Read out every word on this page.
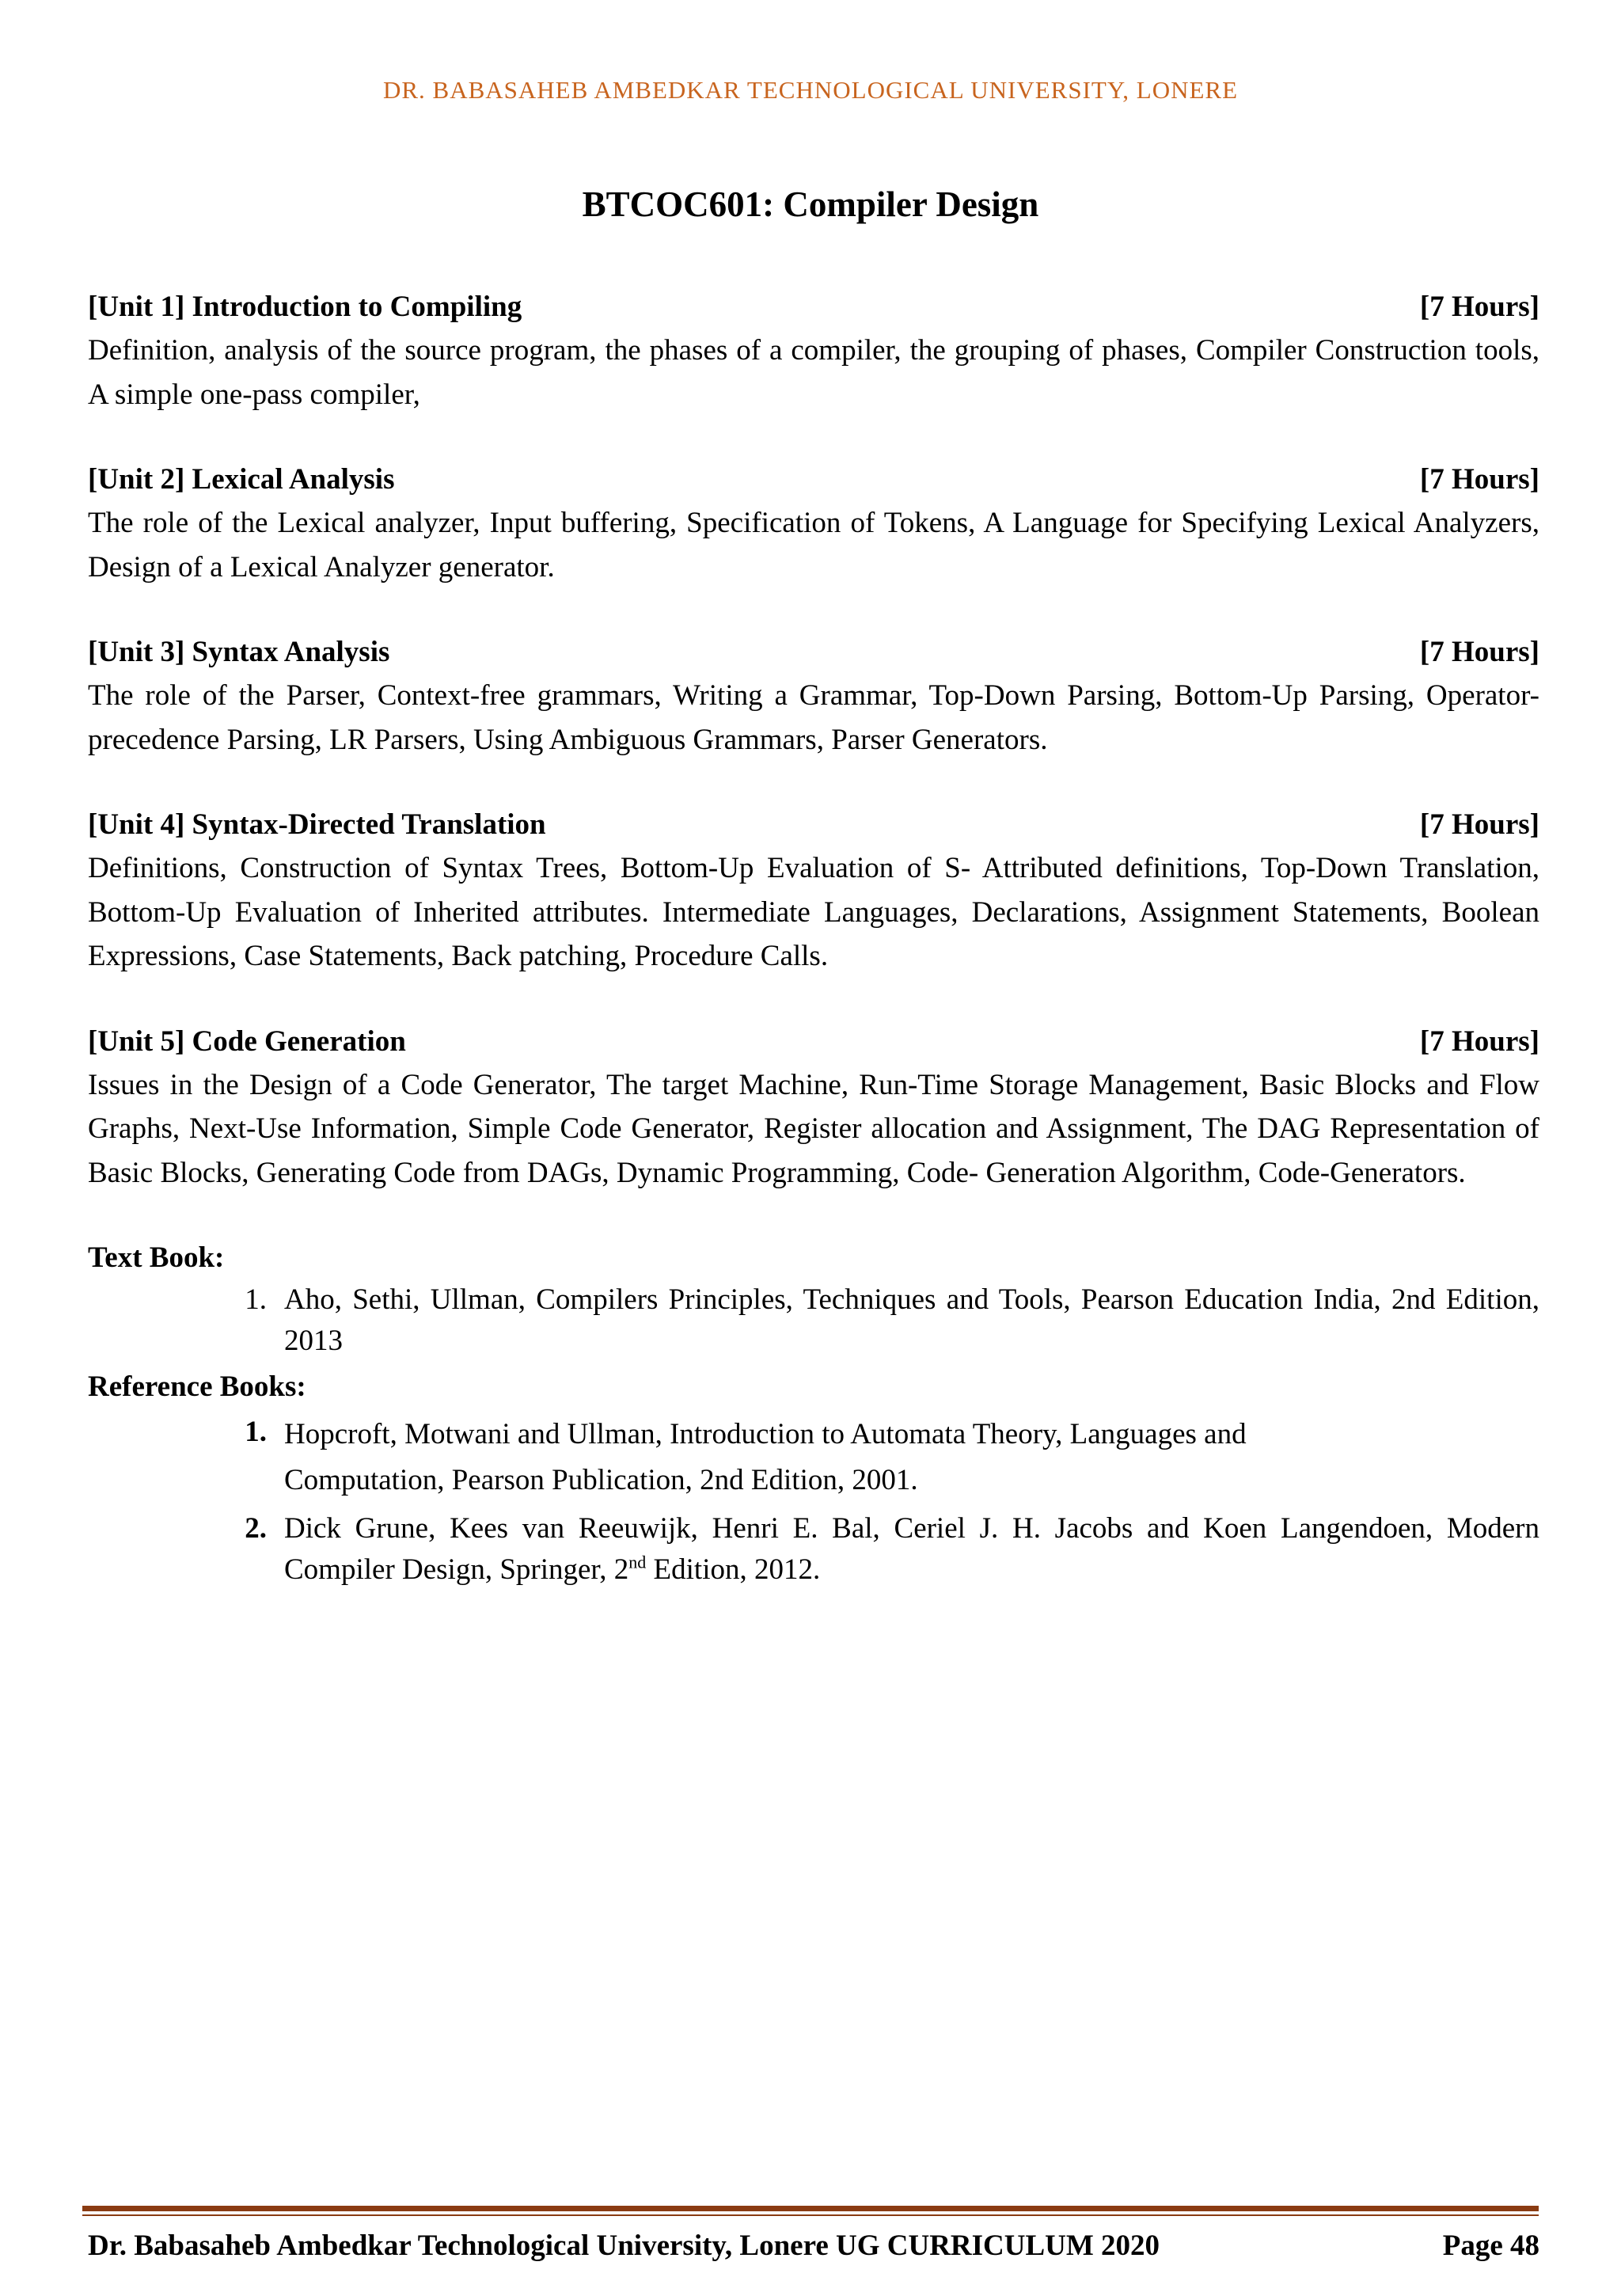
DR. BABASAHEB AMBEDKAR TECHNOLOGICAL UNIVERSITY, LONERE
BTCOC601: Compiler Design
[Unit 1] Introduction to Compiling	[7 Hours]

Definition, analysis of the source program, the phases of a compiler, the grouping of phases, Compiler Construction tools, A simple one-pass compiler,

[Unit 2] Lexical Analysis	[7 Hours]

The role of the Lexical analyzer, Input buffering, Specification of Tokens, A Language for Specifying Lexical Analyzers, Design of a Lexical Analyzer generator.

[Unit 3] Syntax Analysis	[7 Hours]

The role of the Parser, Context-free grammars, Writing a Grammar, Top-Down Parsing, Bottom-Up Parsing, Operator-precedence Parsing, LR Parsers, Using Ambiguous Grammars, Parser Generators.

[Unit 4] Syntax-Directed Translation	[7 Hours]

Definitions, Construction of Syntax Trees, Bottom-Up Evaluation of S- Attributed definitions, Top-Down Translation, Bottom-Up Evaluation of Inherited attributes. Intermediate Languages, Declarations, Assignment Statements, Boolean Expressions, Case Statements, Back patching, Procedure Calls.

[Unit 5] Code Generation	[7 Hours]

Issues in the Design of a Code Generator, The target Machine, Run-Time Storage Management, Basic Blocks and Flow Graphs, Next-Use Information, Simple Code Generator, Register allocation and Assignment, The DAG Representation of Basic Blocks, Generating Code from DAGs, Dynamic Programming, Code- Generation Algorithm, Code-Generators.

Text Book:

1. Aho, Sethi, Ullman, Compilers Principles, Techniques and Tools, Pearson Education India, 2nd Edition, 2013

Reference Books:

1. Hopcroft, Motwani and Ullman, Introduction to Automata Theory, Languages and
Computation, Pearson Publication, 2nd Edition, 2001.
2. Dick Grune, Kees van Reeuwijk, Henri E. Bal, Ceriel J. H. Jacobs and Koen Langendoen, Modern Compiler Design, Springer, 2nd Edition, 2012.
Dr. Babasaheb Ambedkar Technological University, Lonere UG CURRICULUM 2020	Page 48
